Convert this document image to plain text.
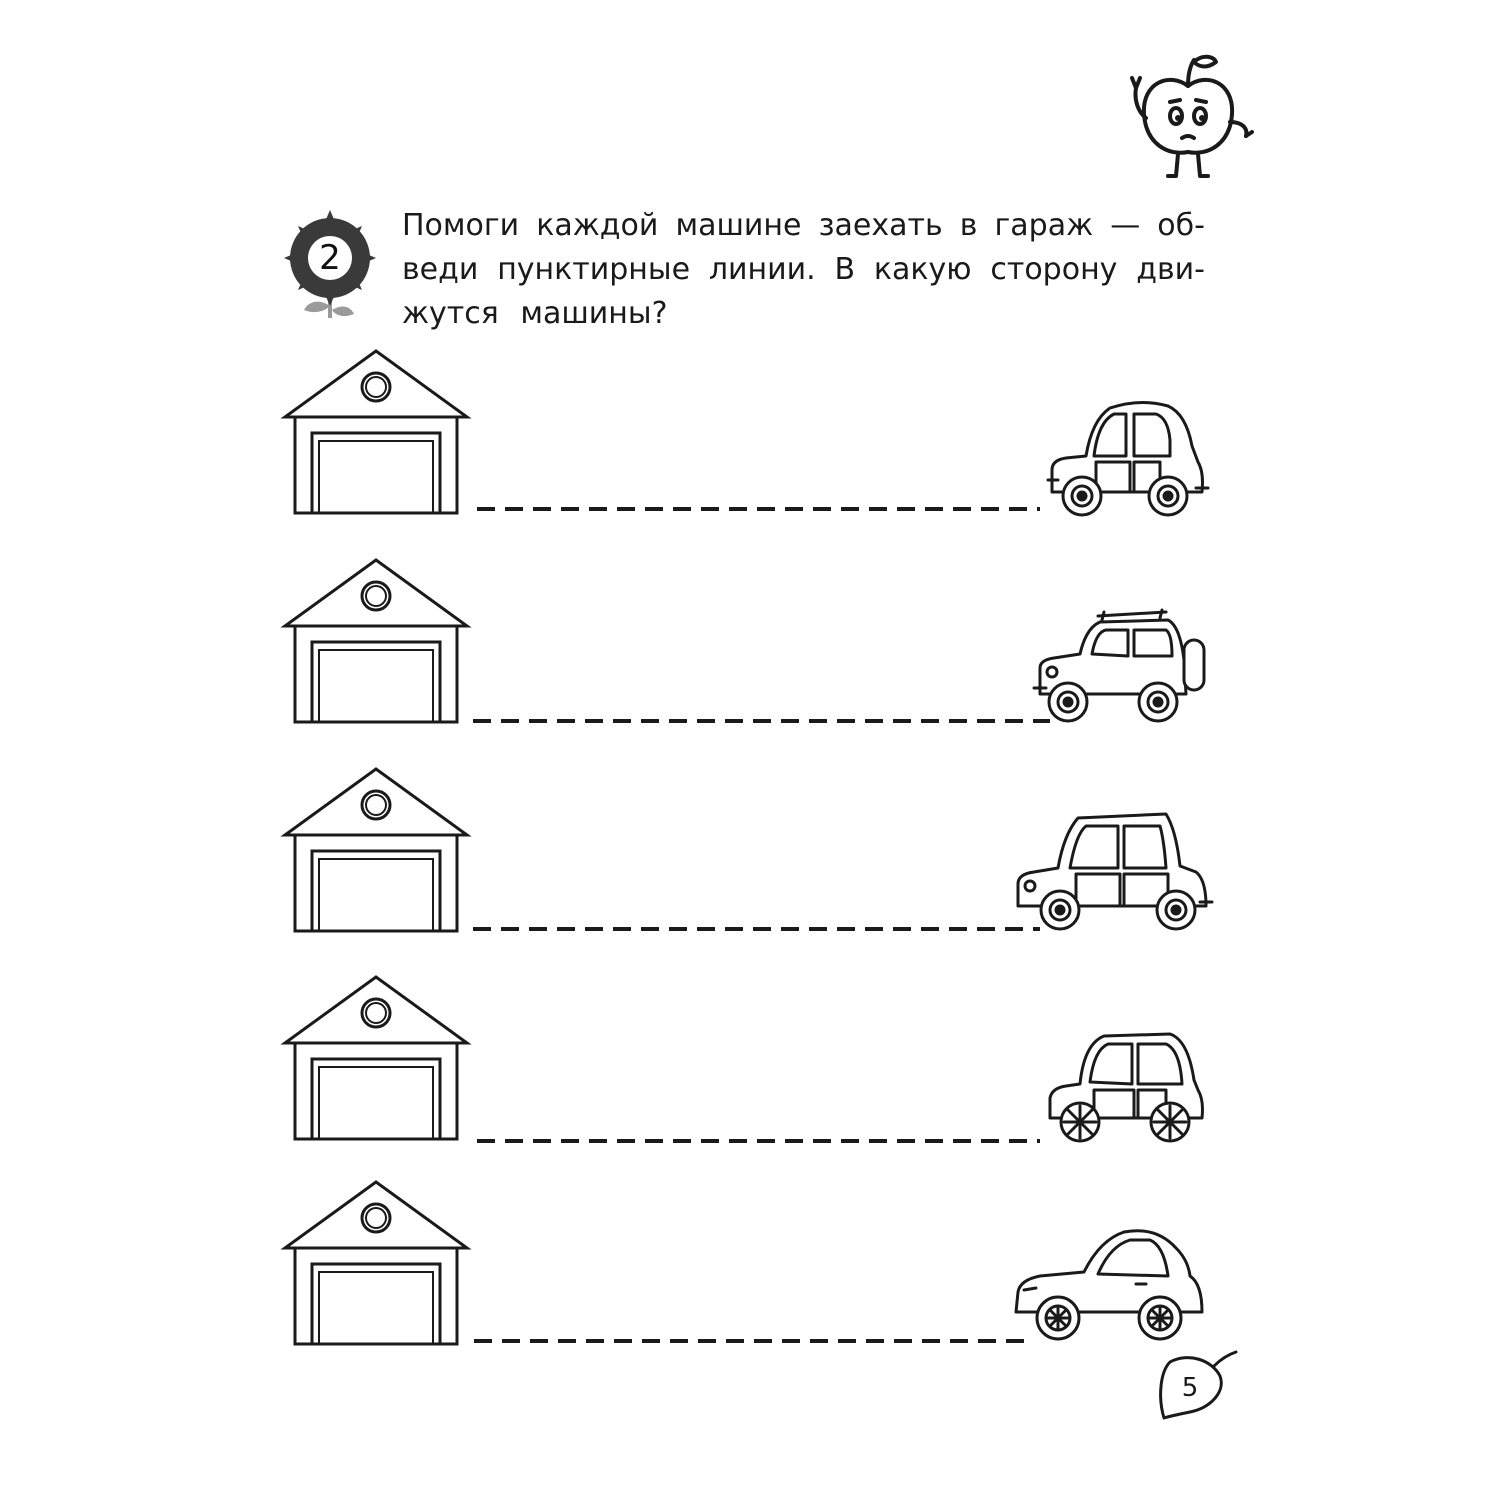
2
Помоги каждой машине заехать в гараж — об-
веди пунктирные линии. В какую сторону дви-
жутся машины?
5
